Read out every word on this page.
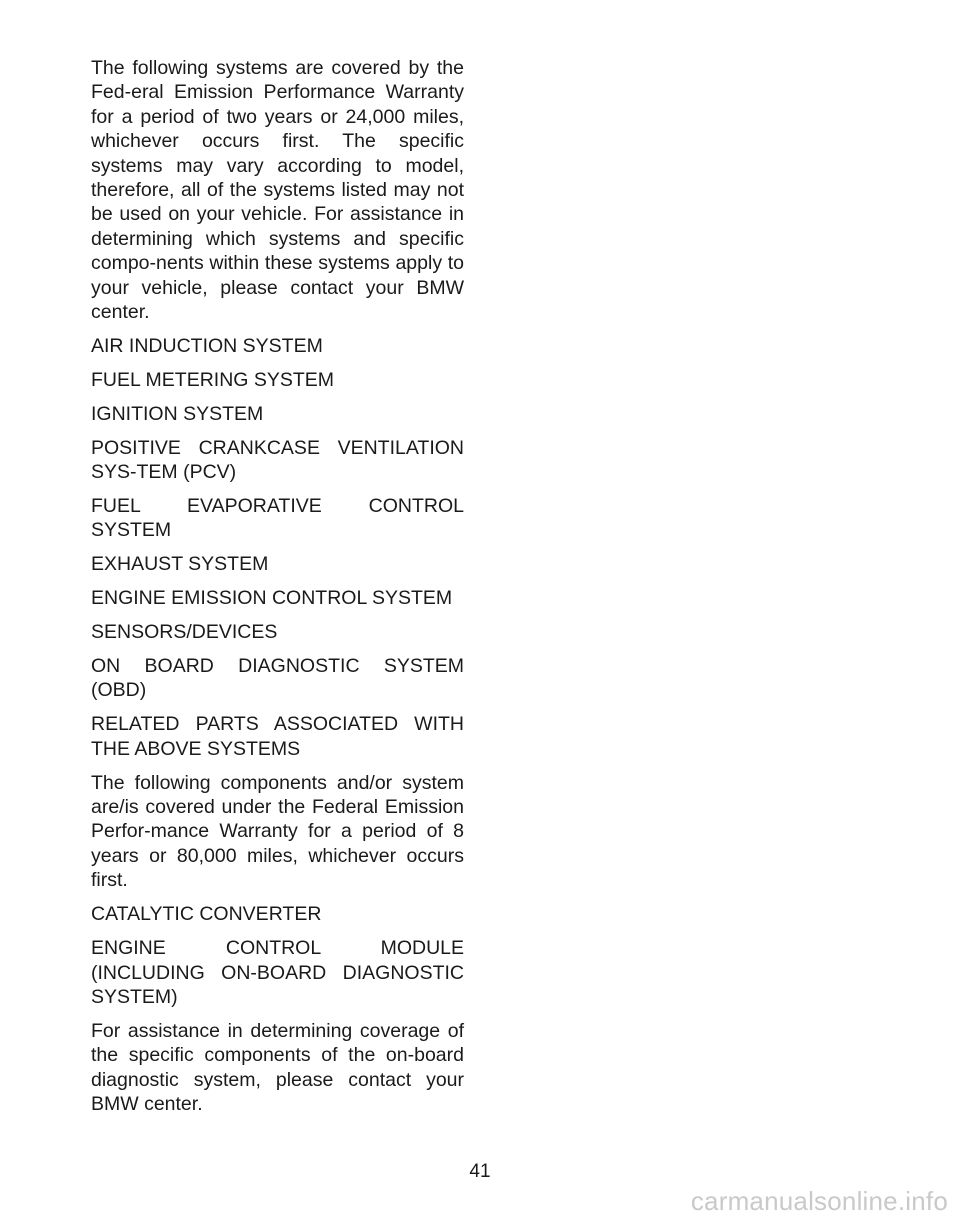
The following systems are covered by the Fed-eral Emission Performance Warranty for a period of two years or 24,000 miles, whichever occurs first. The specific systems may vary according to model, therefore, all of the systems listed may not be used on your vehicle. For assistance in determining which systems and specific compo-nents within these systems apply to your vehicle, please contact your BMW center.

AIR INDUCTION SYSTEM

FUEL METERING SYSTEM

IGNITION SYSTEM

POSITIVE CRANKCASE VENTILATION SYS-TEM (PCV)

FUEL EVAPORATIVE CONTROL SYSTEM

EXHAUST SYSTEM

ENGINE EMISSION CONTROL SYSTEM

SENSORS/DEVICES

ON BOARD DIAGNOSTIC SYSTEM (OBD)

RELATED PARTS ASSOCIATED WITH THE ABOVE SYSTEMS

The following components and/or system are/is covered under the Federal Emission Perfor-mance Warranty for a period of 8 years or 80,000 miles, whichever occurs first.

CATALYTIC CONVERTER

ENGINE CONTROL MODULE (INCLUDING ON-BOARD DIAGNOSTIC SYSTEM)

For assistance in determining coverage of the specific components of the on-board diagnostic system, please contact your BMW center.

41
carmanualsonline.info
